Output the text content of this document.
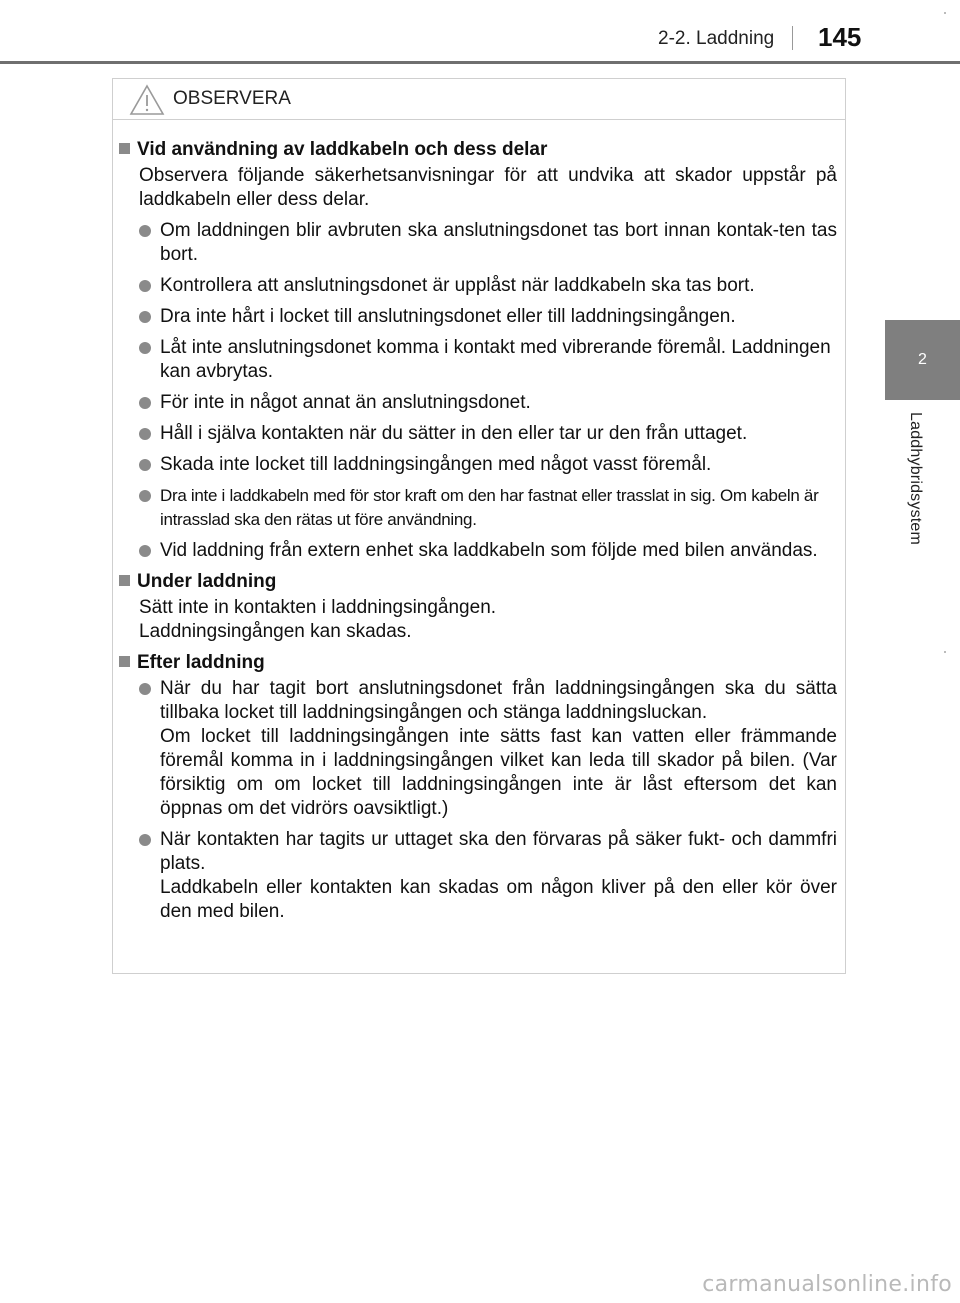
2-2. Laddning 145
2
Laddhybridsystem
OBSERVERA
Vid användning av laddkabeln och dess delar
Observera följande säkerhetsanvisningar för att undvika att skador uppstår på laddkabeln eller dess delar.
Om laddningen blir avbruten ska anslutningsdonet tas bort innan kontak-ten tas bort.
Kontrollera att anslutningsdonet är upplåst när laddkabeln ska tas bort.
Dra inte hårt i locket till anslutningsdonet eller till laddningsingången.
Låt inte anslutningsdonet komma i kontakt med vibrerande föremål. Laddningen kan avbrytas.
För inte in något annat än anslutningsdonet.
Håll i själva kontakten när du sätter in den eller tar ur den från uttaget.
Skada inte locket till laddningsingången med något vasst föremål.
Dra inte i laddkabeln med för stor kraft om den har fastnat eller trasslat in sig. Om kabeln är intrasslad ska den rätas ut före användning.
Vid laddning från extern enhet ska laddkabeln som följde med bilen användas.
Under laddning
Sätt inte in kontakten i laddningsingången.
Laddningsingången kan skadas.
Efter laddning
När du har tagit bort anslutningsdonet från laddningsingången ska du sätta tillbaka locket till laddningsingången och stänga laddningsluckan.
Om locket till laddningsingången inte sätts fast kan vatten eller främmande föremål komma in i laddningsingången vilket kan leda till skador på bilen. (Var försiktig om om locket till laddningsingången inte är låst eftersom det kan öppnas om det vidrörs oavsiktligt.)
När kontakten har tagits ur uttaget ska den förvaras på säker fukt- och dammfri plats.
Laddkabeln eller kontakten kan skadas om någon kliver på den eller kör över den med bilen.
carmanualsonline.info
